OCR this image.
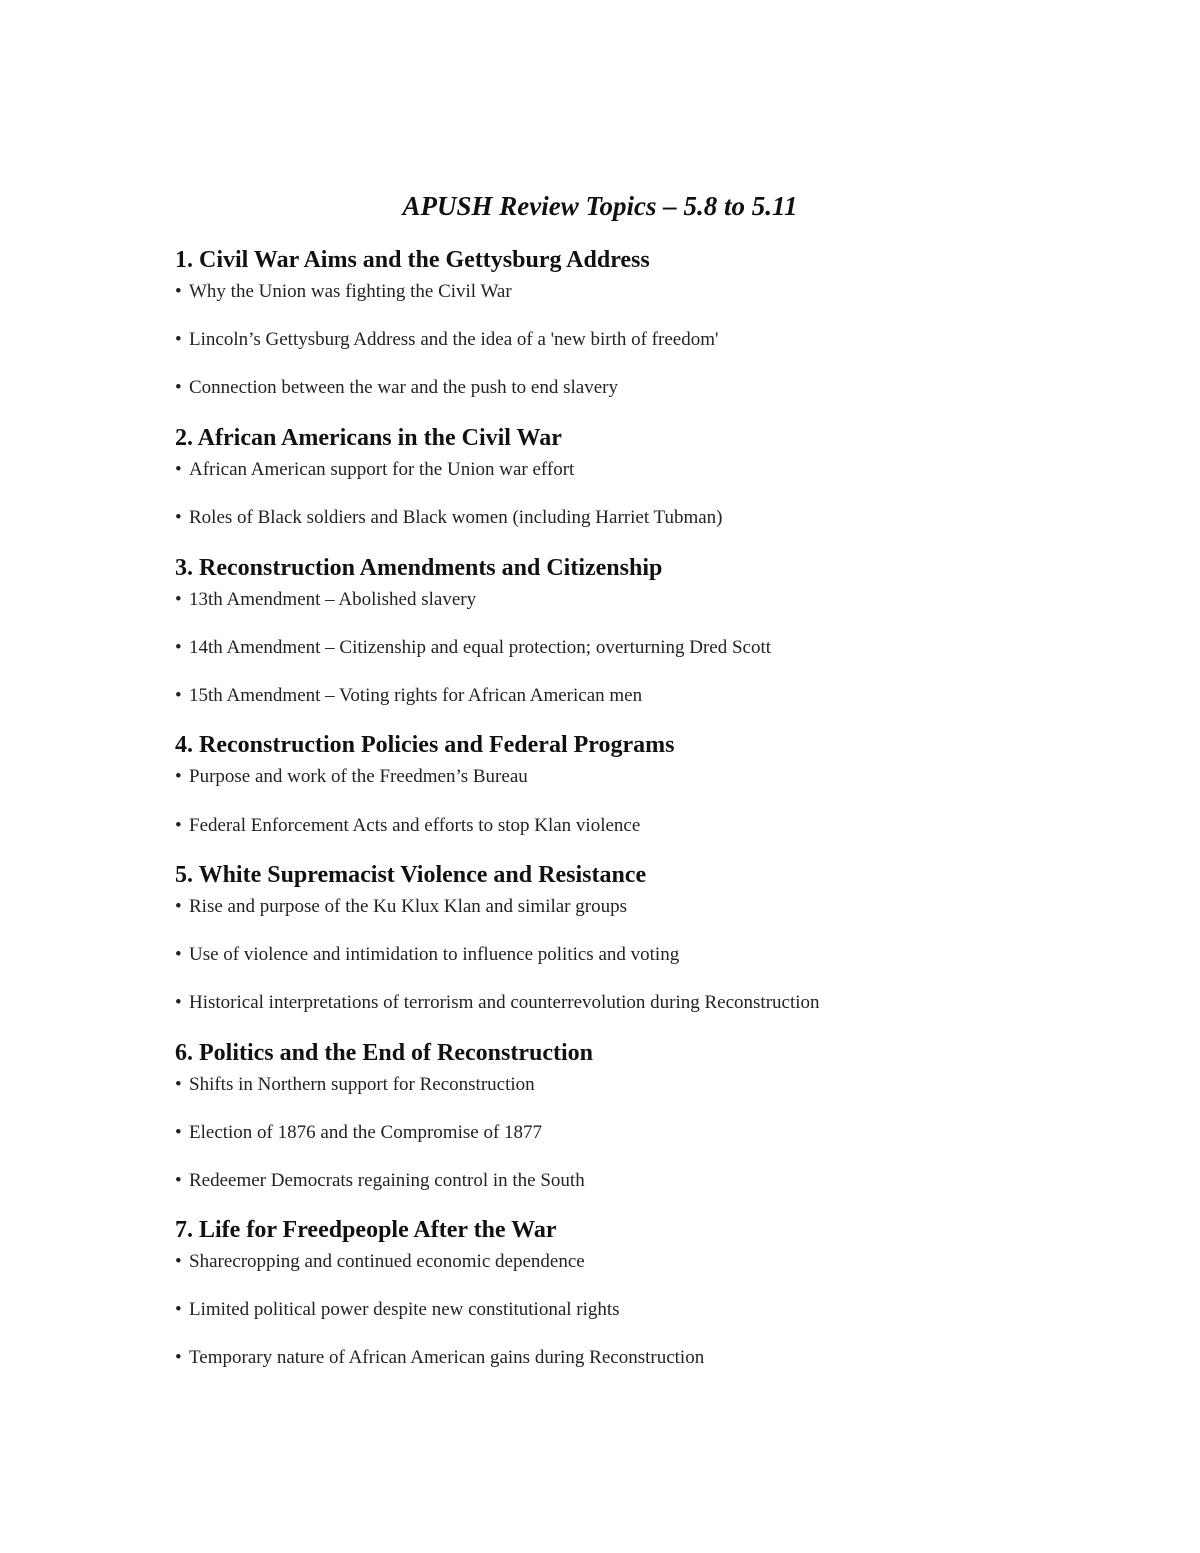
APUSH Review Topics – 5.8 to 5.11
1. Civil War Aims and the Gettysburg Address

• Why the Union was fighting the Civil War

• Lincoln’s Gettysburg Address and the idea of a 'new birth of freedom'

• Connection between the war and the push to end slavery

2. African Americans in the Civil War

• African American support for the Union war effort

• Roles of Black soldiers and Black women (including Harriet Tubman)

3. Reconstruction Amendments and Citizenship

• 13th Amendment – Abolished slavery

• 14th Amendment – Citizenship and equal protection; overturning Dred Scott

• 15th Amendment – Voting rights for African American men

4. Reconstruction Policies and Federal Programs

• Purpose and work of the Freedmen’s Bureau

• Federal Enforcement Acts and efforts to stop Klan violence

5. White Supremacist Violence and Resistance

• Rise and purpose of the Ku Klux Klan and similar groups

• Use of violence and intimidation to influence politics and voting

• Historical interpretations of terrorism and counterrevolution during Reconstruction

6. Politics and the End of Reconstruction

• Shifts in Northern support for Reconstruction

• Election of 1876 and the Compromise of 1877

• Redeemer Democrats regaining control in the South

7. Life for Freedpeople After the War

• Sharecropping and continued economic dependence

• Limited political power despite new constitutional rights

• Temporary nature of African American gains during Reconstruction
